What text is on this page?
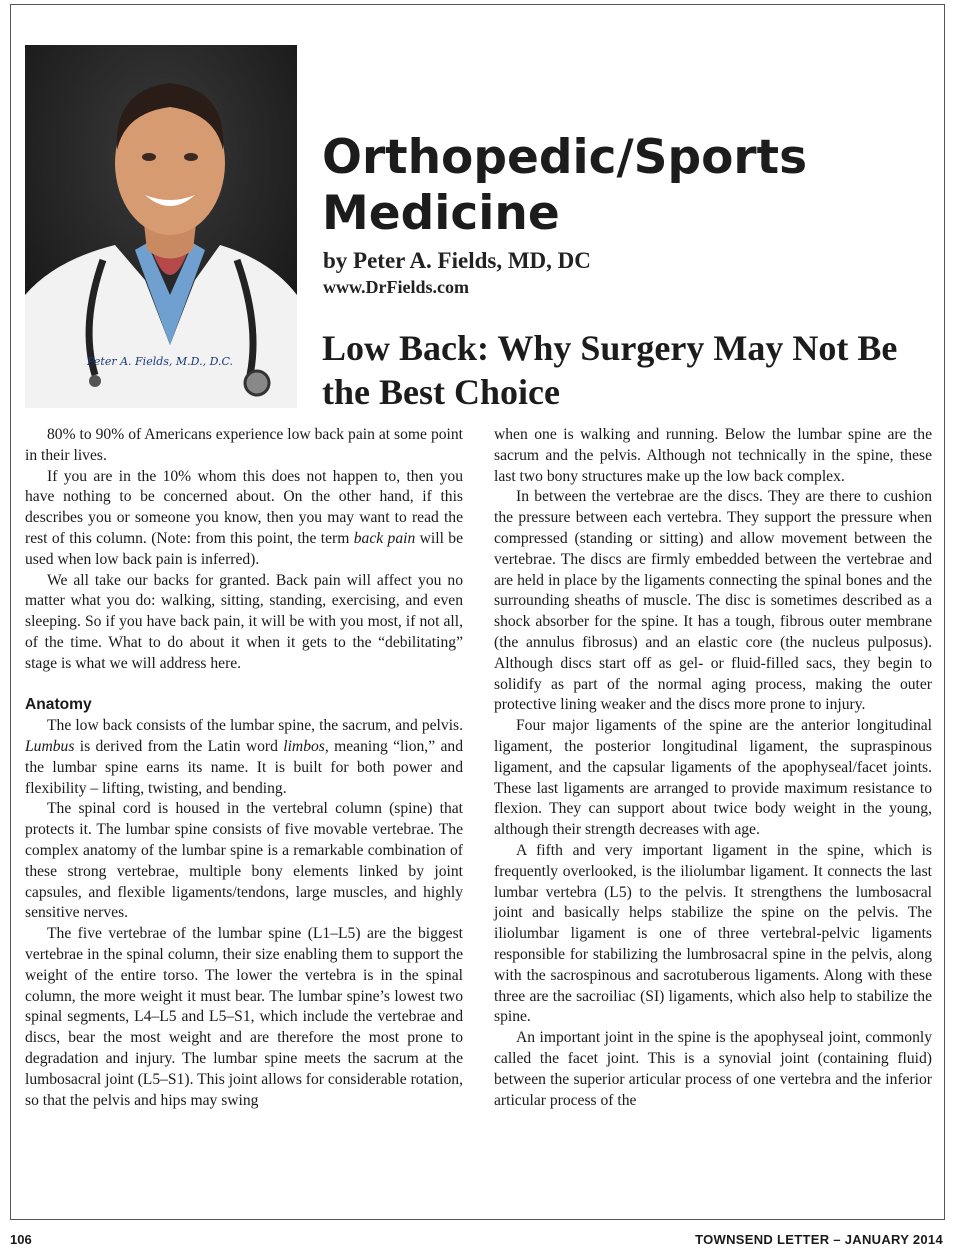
Peter A. Fields, M.D., D.C.
Orthopedic/Sports Medicine

by Peter A. Fields, MD, DC

www.DrFields.com

Low Back: Why Surgery May Not Be the Best Choice

80% to 90% of Americans experience low back pain at some point in their lives.

If you are in the 10% whom this does not happen to, then you have nothing to be concerned about. On the other hand, if this describes you or someone you know, then you may want to read the rest of this column. (Note: from this point, the term back pain will be used when low back pain is inferred).

We all take our backs for granted. Back pain will affect you no matter what you do: walking, sitting, standing, exercising, and even sleeping. So if you have back pain, it will be with you most, if not all, of the time. What to do about it when it gets to the “debilitating” stage is what we will address here.

Anatomy

The low back consists of the lumbar spine, the sacrum, and pelvis. Lumbus is derived from the Latin word limbos, meaning “lion,” and the lumbar spine earns its name. It is built for both power and flexibility – lifting, twisting, and bending.

The spinal cord is housed in the vertebral column (spine) that protects it. The lumbar spine consists of five movable vertebrae. The complex anatomy of the lumbar spine is a remarkable combination of these strong vertebrae, multiple bony elements linked by joint capsules, and flexible ligaments/tendons, large muscles, and highly sensitive nerves.

The five vertebrae of the lumbar spine (L1–L5) are the biggest vertebrae in the spinal column, their size enabling them to support the weight of the entire torso. The lower the vertebra is in the spinal column, the more weight it must bear. The lumbar spine’s lowest two spinal segments, L4–L5 and L5–S1, which include the vertebrae and discs, bear the most weight and are therefore the most prone to degradation and injury. The lumbar spine meets the sacrum at the lumbosacral joint (L5–S1). This joint allows for considerable rotation, so that the pelvis and hips may swing

when one is walking and running. Below the lumbar spine are the sacrum and the pelvis. Although not technically in the spine, these last two bony structures make up the low back complex.

In between the vertebrae are the discs. They are there to cushion the pressure between each vertebra. They support the pressure when compressed (standing or sitting) and allow movement between the vertebrae. The discs are firmly embedded between the vertebrae and are held in place by the ligaments connecting the spinal bones and the surrounding sheaths of muscle. The disc is sometimes described as a shock absorber for the spine. It has a tough, fibrous outer membrane (the annulus fibrosus) and an elastic core (the nucleus pulposus). Although discs start off as gel- or fluid-filled sacs, they begin to solidify as part of the normal aging process, making the outer protective lining weaker and the discs more prone to injury.

Four major ligaments of the spine are the anterior longitudinal ligament, the posterior longitudinal ligament, the supraspinous ligament, and the capsular ligaments of the apophyseal/facet joints. These last ligaments are arranged to provide maximum resistance to flexion. They can support about twice body weight in the young, although their strength decreases with age.

A fifth and very important ligament in the spine, which is frequently overlooked, is the iliolumbar ligament. It connects the last lumbar vertebra (L5) to the pelvis. It strengthens the lumbosacral joint and basically helps stabilize the spine on the pelvis. The iliolumbar ligament is one of three vertebral-pelvic ligaments responsible for stabilizing the lumbrosacral spine in the pelvis, along with the sacrospinous and sacrotuberous ligaments. Along with these three are the sacroiliac (SI) ligaments, which also help to stabilize the spine.

An important joint in the spine is the apophyseal joint, commonly called the facet joint. This is a synovial joint (containing fluid) between the superior articular process of one vertebra and the inferior articular process of the

106	TOWNSEND LETTER – JANUARY 2014
